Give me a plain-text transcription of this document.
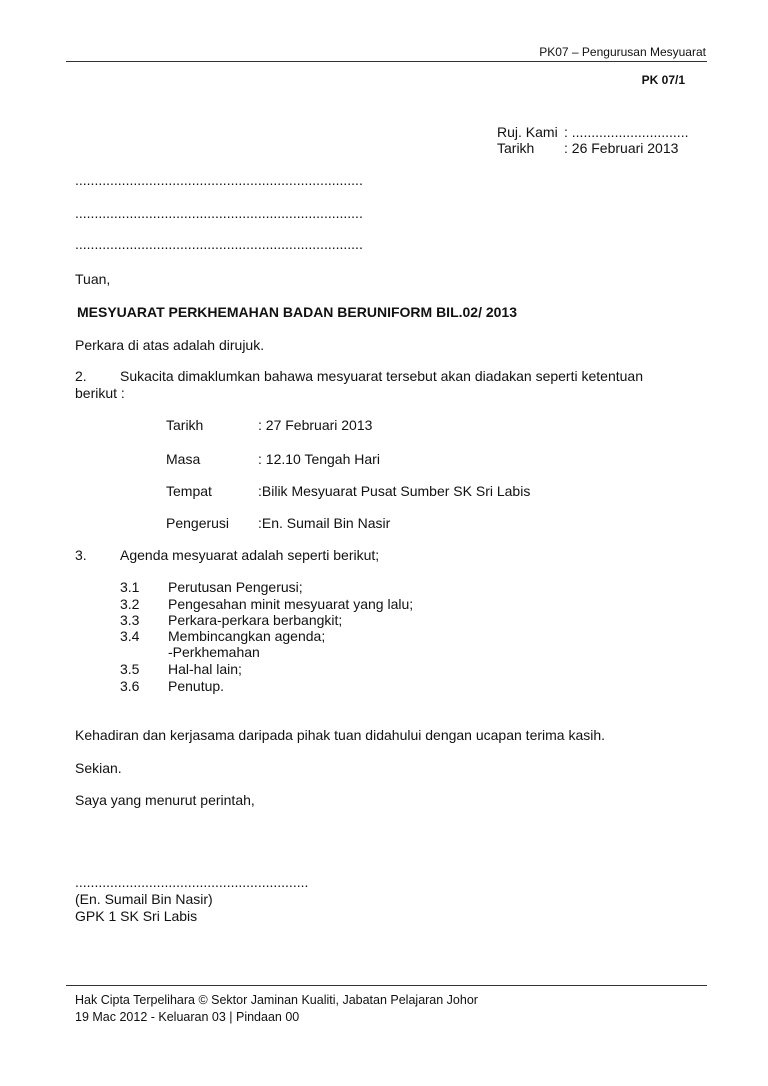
PK07 – Pengurusan Mesyuarat
PK 07/1
Ruj. Kami : ..............................
Tarikh : 26 Februari 2013
..........................................................................
..........................................................................
..........................................................................
Tuan,
MESYUARAT PERKHEMAHAN BADAN BERUNIFORM BIL.02/ 2013
Perkara di atas adalah dirujuk.
2. Sukacita dimaklumkan bahawa mesyuarat tersebut akan diadakan seperti ketentuan
berikut :
Tarikh	: 27 Februari 2013
Masa	: 12.10 Tengah Hari
Tempat	:Bilik Mesyuarat Pusat Sumber SK Sri Labis
Pengerusi :En. Sumail Bin Nasir
3. Agenda mesyuarat adalah seperti berikut;
3.1 Perutusan Pengerusi;
3.2 Pengesahan minit mesyuarat yang lalu;
3.3 Perkara-perkara berbangkit;
3.4 Membincangkan agenda;
-Perkhemahan
3.5 Hal-hal lain;
3.6 Penutup.
Kehadiran dan kerjasama daripada pihak tuan didahului dengan ucapan terima kasih.
Sekian.
Saya yang menurut perintah,
............................................................
(En. Sumail Bin Nasir)
GPK 1 SK Sri Labis
Hak Cipta Terpelihara © Sektor Jaminan Kualiti, Jabatan Pelajaran Johor
19 Mac 2012 - Keluaran 03 | Pindaan 00
